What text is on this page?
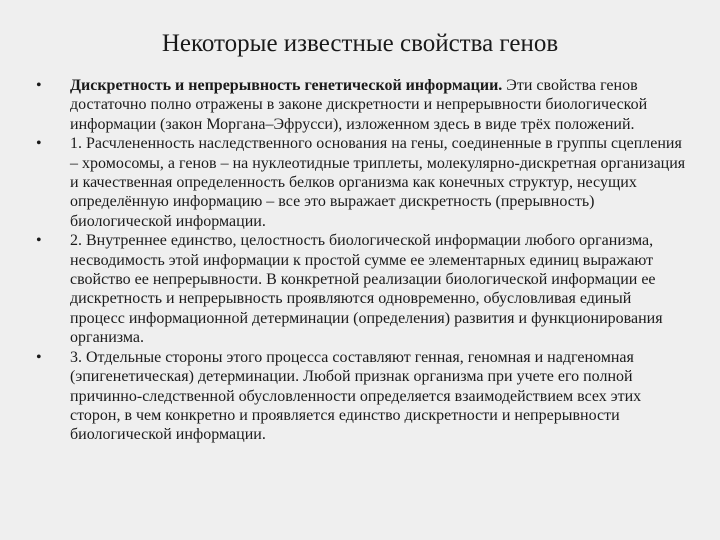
Некоторые известные свойства генов
• Дискретность и непрерывность генетической информации. Эти свойства генов достаточно полно отражены в законе дискретности и непрерывности биологической информации (закон Моргана–Эфрусси), изложенном здесь в виде трёх положений.
• 1. Расчлененность наследственного основания на гены, соединенные в группы сцепления – хромосомы, а генов – на нуклеотидные триплеты, молекулярно-дискретная организация и качественная определенность белков организма как конечных структур, несущих определённую информацию – все это выражает дискретность (прерывность) биологической информации.
• 2. Внутреннее единство, целостность биологической информации любого организма, несводимость этой информации к простой сумме ее элементарных единиц выражают свойство ее непрерывности. В конкретной реализации биологической информации ее дискретность и непрерывность проявляются одновременно, обусловливая единый процесс информационной детерминации (определения) развития и функционирования организма.
• 3. Отдельные стороны этого процесса составляют генная, геномная и надгеномная (эпигенетическая) детерминации. Любой признак организма при учете его полной причинно-следственной обусловленности определяется взаимодействием всех этих сторон, в чем конкретно и проявляется единство дискретности и непрерывности биологической информации.
